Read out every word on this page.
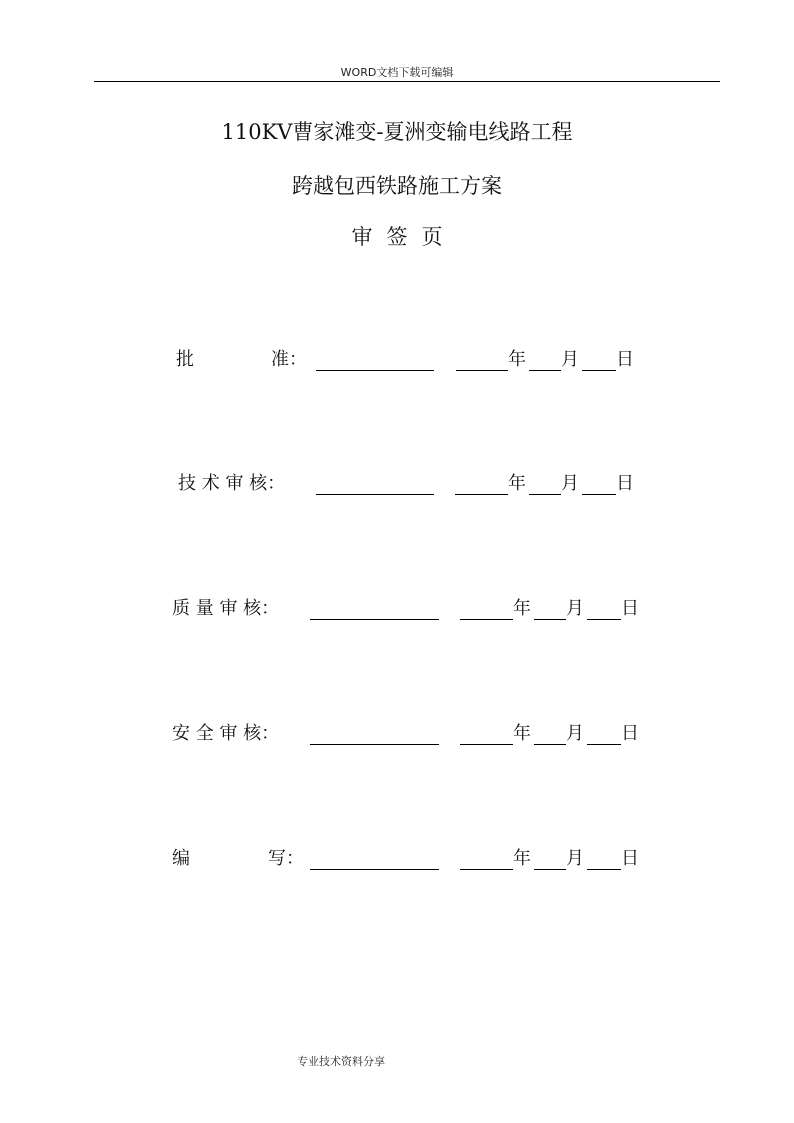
WORD文档下载可编辑
110KV曹家滩变-夏洲变输电线路工程
跨越包西铁路施工方案
审签页
批	准：	年 月 日
技 术 审 核：	年 月 日
质 量 审 核：	年 月 日
安 全 审 核：	年 月 日
编	写：	年 月 日
专业技术资料分享
